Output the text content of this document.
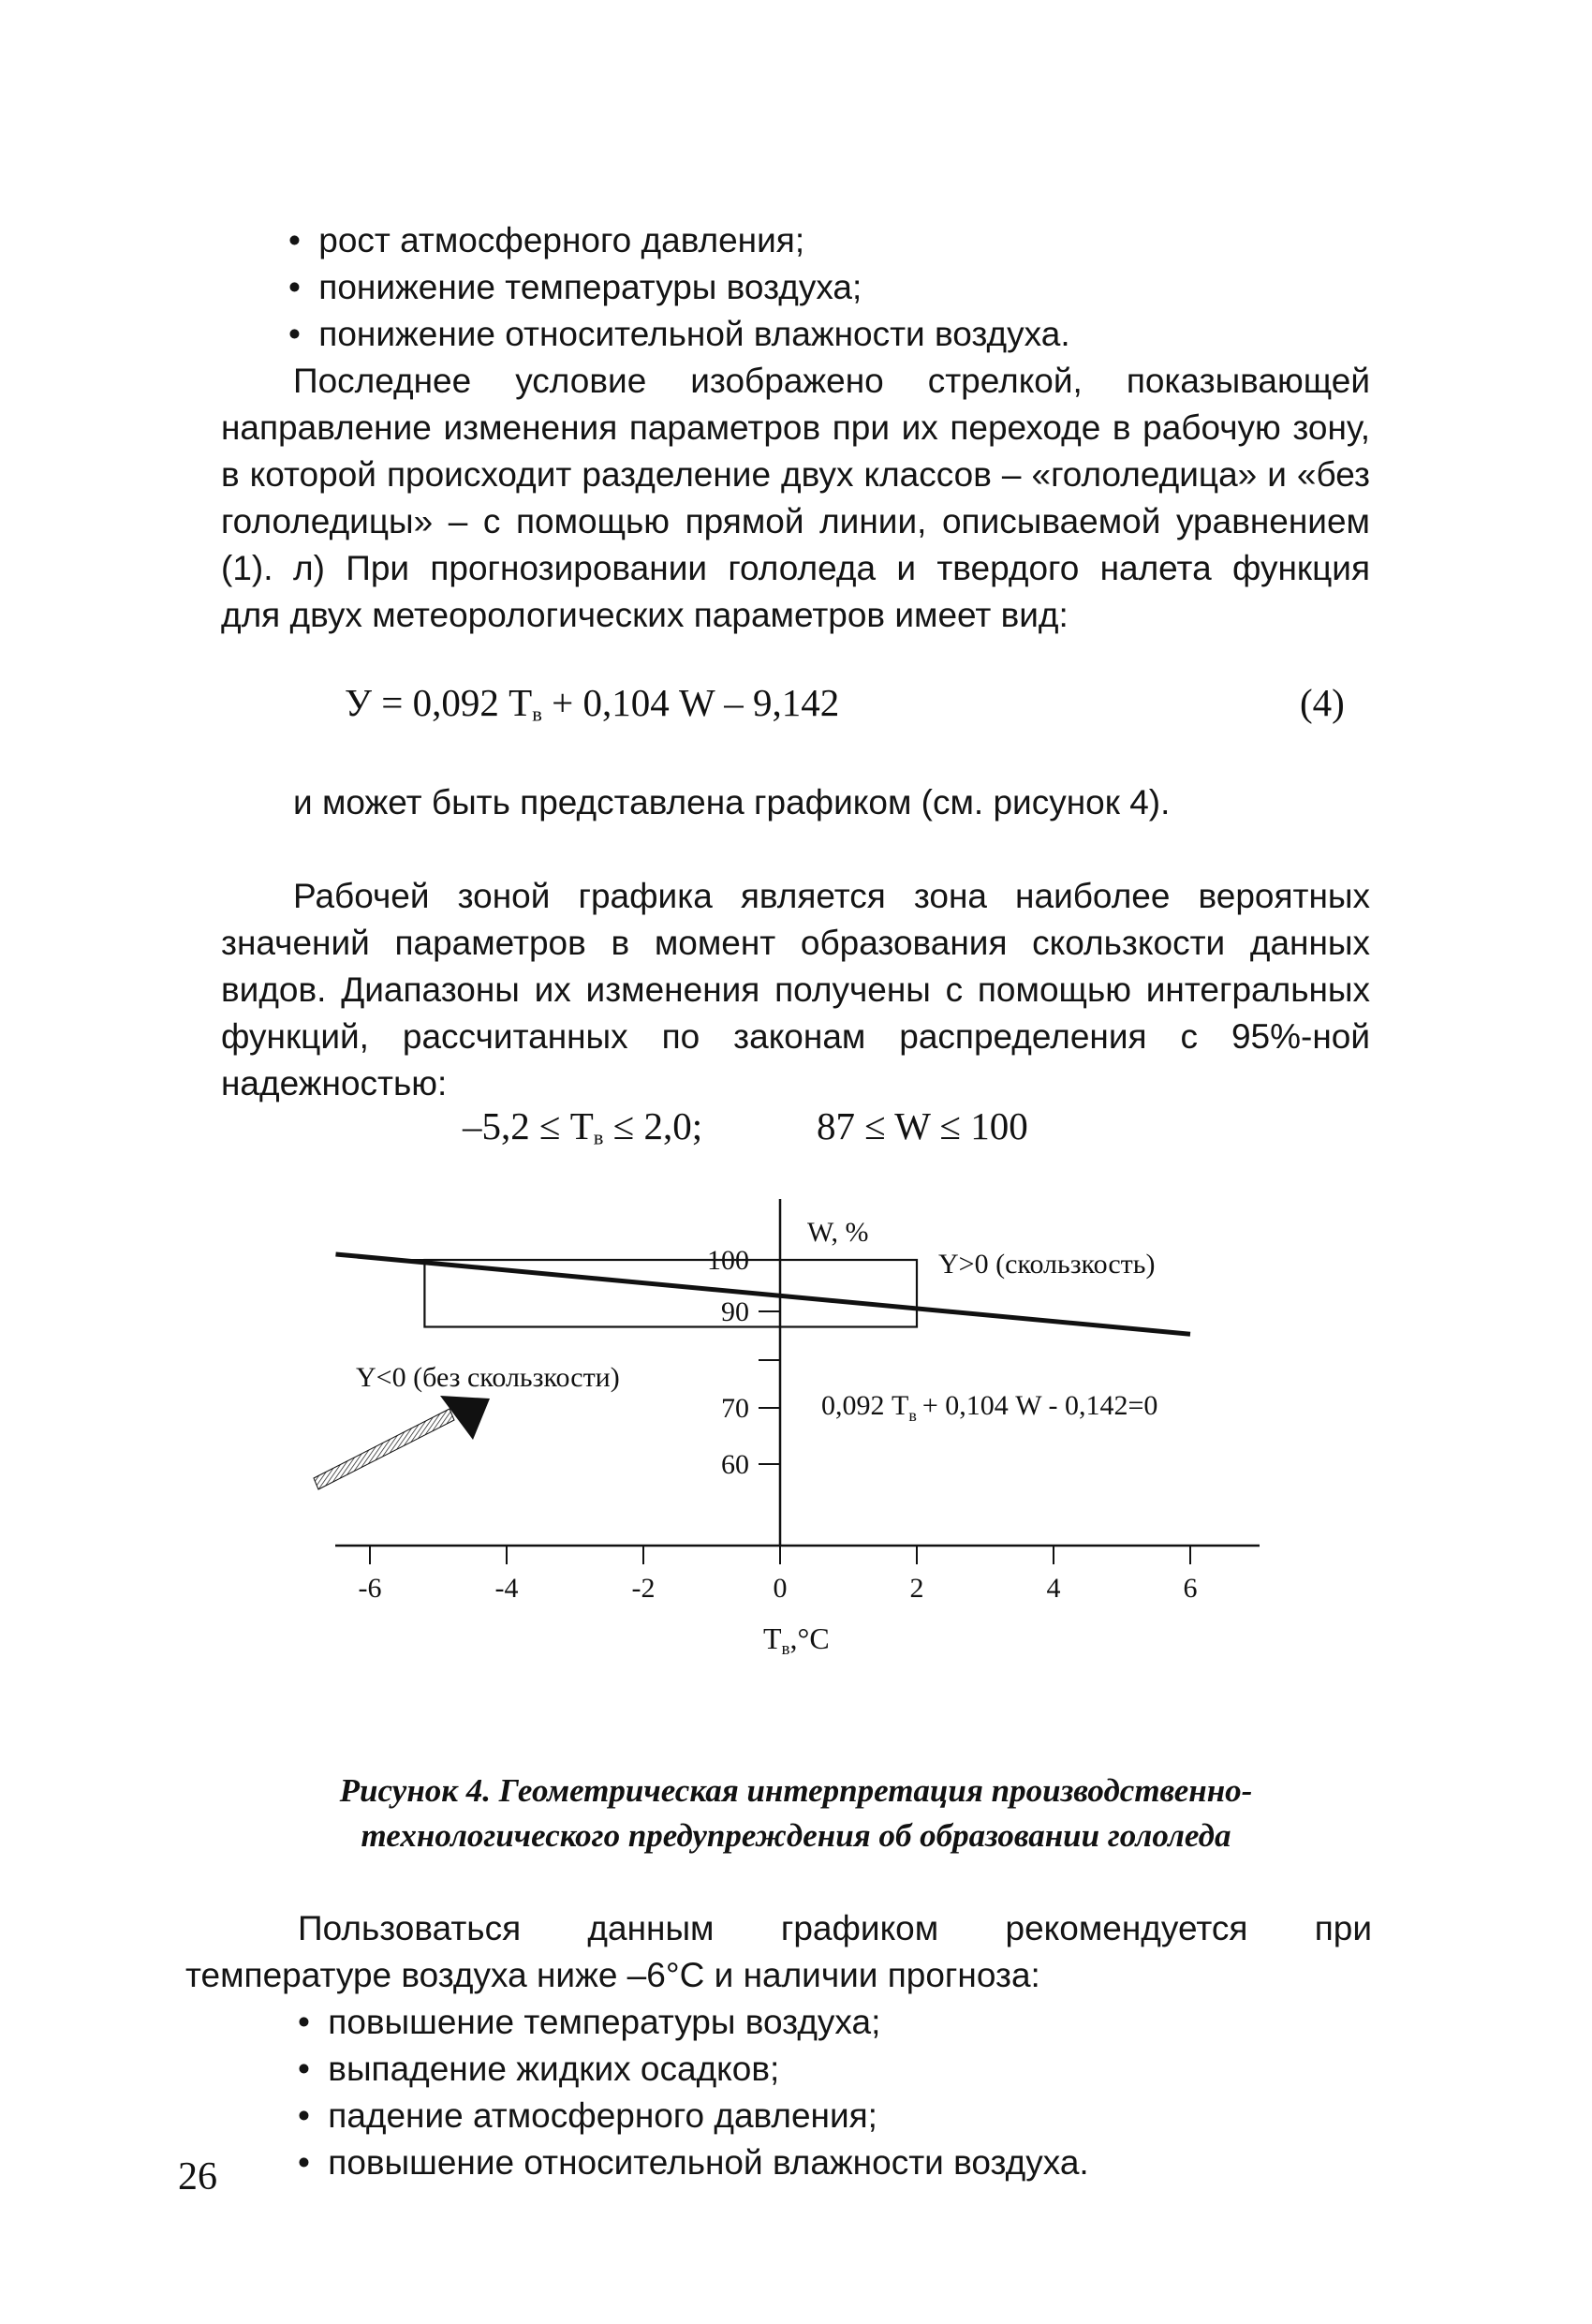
• рост атмосферного давления;
• понижение температуры воздуха;
• понижение относительной влажности воздуха.
Последнее условие изображено стрелкой, показывающей
направление изменения параметров при их переходе в рабочую зону,
в которой происходит разделение двух классов – «гололедица» и «без
гололедицы» – с помощью прямой линии, описываемой уравнением (1). л) При прогнозировании гололеда и твердого налета функция
для двух метеорологических параметров имеет вид:
У = 0,092 $Т_в + 0,104$ W – 9,142	(4)
и может быть представлена графиком (см. рисунок 4).
Рабочей зоной графика является зона наиболее вероятных
значений параметров в момент образования скользкости данных
видов. Диапазоны их изменения получены с помощью интегральных
функций, рассчитанных по законам распределения с 95%-ной
надежностью:
$-5,2 \le Т_в \le 2,0$;	87 ≤ W ≤ 100
-6	-4	-2	0	2	4	6
100
90
70
60
W, %
Y>0 (скользкость)
Y<0 (без скользкости)
0,092 $Т_в + 0,104$ W - 0,142=0
Тв,°С
Рисунок 4. Геометрическая интерпретация производственно-
технологического предупреждения об образовании гололеда
Пользоваться данным графиком рекомендуется при
температуре воздуха ниже –6°С и наличии прогноза:
• повышение температуры воздуха;
• выпадение жидких осадков;
• падение атмосферного давления;
• повышение относительной влажности воздуха.
26
